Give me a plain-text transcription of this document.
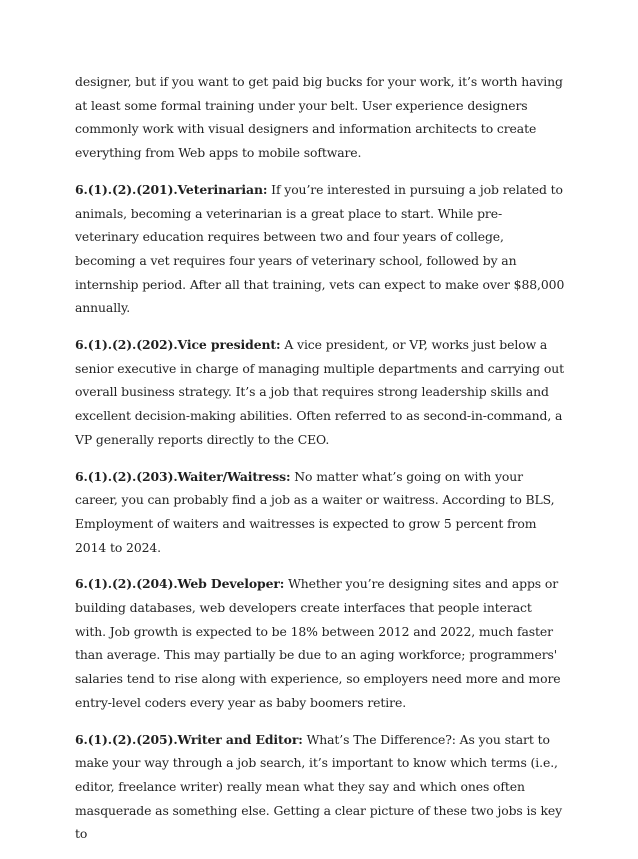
designer, but if you want to get paid big bucks for your work, it’s worth having at least some formal training under your belt. User experience designers commonly work with visual designers and information architects to create everything from Web apps to mobile software.

6.(1).(2).(201).Veterinarian: If you’re interested in pursuing a job related to animals, becoming a veterinarian is a great place to start. While pre-veterinary education requires between two and four years of college, becoming a vet requires four years of veterinary school, followed by an internship period. After all that training, vets can expect to make over $88,000 annually.

6.(1).(2).(202).Vice president: A vice president, or VP, works just below a senior executive in charge of managing multiple departments and carrying out overall business strategy. It’s a job that requires strong leadership skills and excellent decision-making abilities. Often referred to as second-in-command, a VP generally reports directly to the CEO.

6.(1).(2).(203).Waiter/Waitress: No matter what’s going on with your career, you can probably find a job as a waiter or waitress. According to BLS, Employment of waiters and waitresses is expected to grow 5 percent from 2014 to 2024.

6.(1).(2).(204).Web Developer: Whether you’re designing sites and apps or building databases, web developers create interfaces that people interact with. Job growth is expected to be 18% between 2012 and 2022, much faster than average. This may partially be due to an aging workforce; programmers' salaries tend to rise along with experience, so employers need more and more entry-level coders every year as baby boomers retire.

6.(1).(2).(205).Writer and Editor: What’s The Difference?: As you start to make your way through a job search, it’s important to know which terms (i.e., editor, freelance writer) really mean what they say and which ones often masquerade as something else. Getting a clear picture of these two jobs is key to
